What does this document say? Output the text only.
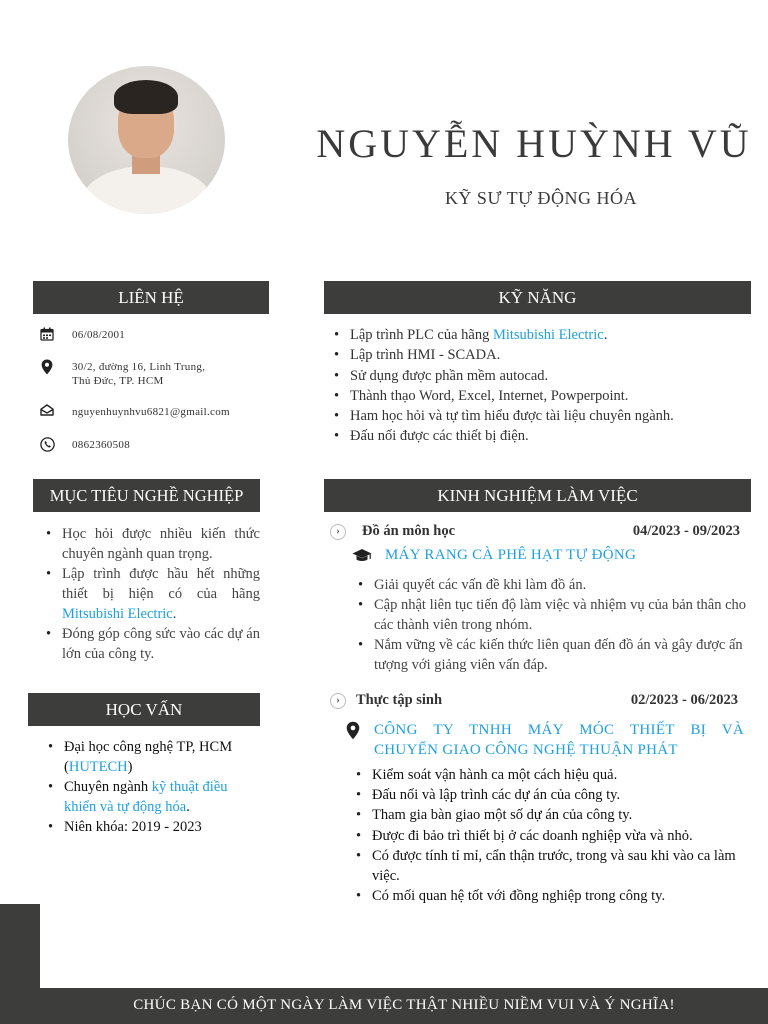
NGUYỄN HUỲNH VŨ
KỸ SƯ TỰ ĐỘNG HÓA
LIÊN HỆ
06/08/2001
30/2, đường 16, Linh Trung,
Thủ Đức, TP. HCM
nguyenhuynhvu6821@gmail.com
0862360508
KỸ NĂNG
• Lập trình PLC của hãng Mitsubishi Electric.
• Lập trình HMI - SCADA.
• Sử dụng được phần mềm autocad.
• Thành thạo Word, Excel, Internet, Powperpoint.
• Ham học hỏi và tự tìm hiểu được tài liệu chuyên ngành.
• Đấu nối được các thiết bị điện.
MỤC TIÊU NGHỀ NGHIỆP
• Học hỏi được nhiều kiến thức chuyên ngành quan trọng.
• Lập trình được hầu hết những thiết bị hiện có của hãng Mitsubishi Electric.
• Đóng góp công sức vào các dự án lớn của công ty.
HỌC VẤN
• Đại học công nghệ TP, HCM
(HUTECH)
• Chuyên ngành kỹ thuật điều khiển và tự động hóa.
• Niên khóa: 2019 - 2023
KINH NGHIỆM LÀM VIỆC
›	Đồ án môn học	04/2023 - 09/2023
MÁY RANG CÀ PHÊ HẠT TỰ ĐỘNG
• Giải quyết các vấn đề khi làm đồ án.
• Cập nhật liên tục tiến độ làm việc và nhiệm vụ của bản thân cho các thành viên trong nhóm.
• Nắm vững về các kiến thức liên quan đến đồ án và gây được ấn tượng với giảng viên vấn đáp.
›	Thực tập sinh	02/2023 - 06/2023
CÔNG TY TNHH MÁY MÓC THIẾT BỊ VÀ
CHUYỂN GIAO CÔNG NGHỆ THUẬN PHÁT
• Kiểm soát vận hành ca một cách hiệu quả.
• Đấu nối và lập trình các dự án của công ty.
• Tham gia bàn giao một số dự án của công ty.
• Được đi bảo trì thiết bị ở các doanh nghiệp vừa và nhỏ.
• Có được tính tỉ mỉ, cẩn thận trước, trong và sau khi vào ca làm việc.
• Có mối quan hệ tốt với đồng nghiệp trong công ty.
CHÚC BẠN CÓ MỘT NGÀY LÀM VIỆC THẬT NHIỀU NIỀM VUI VÀ Ý NGHĨA!
